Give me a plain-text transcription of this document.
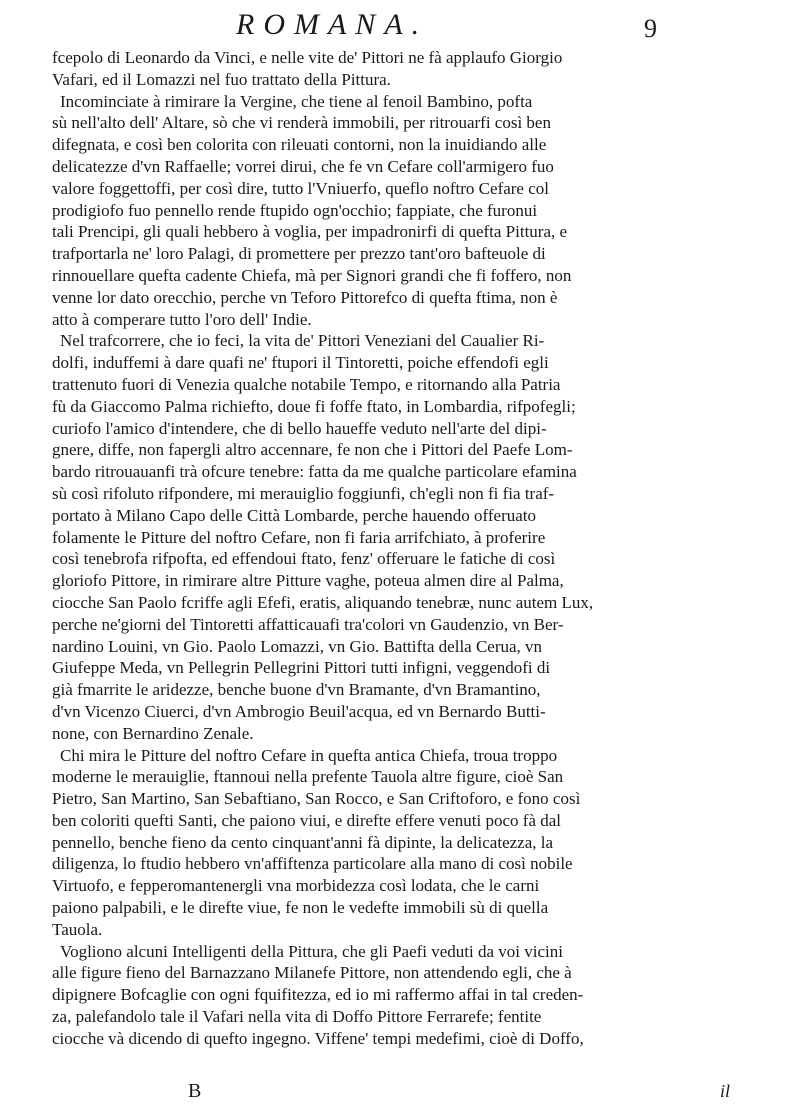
ROMANA.	9
fcepolo di Leonardo da Vinci, e nelle vite de' Pittori ne fà applaufo Giorgio
Vafari, ed il Lomazzi nel fuo trattato della Pittura.
Incominciate à rimirare la Vergine, che tiene al fenoil Bambino, pofta
sù nell'alto dell' Altare, sò che vi renderà immobili, per ritrouarfi così ben
difegnata, e così ben colorita con rileuati contorni, non la inuidiando alle
delicatezze d'vn Raffaelle; vorrei dirui, che fe vn Cefare coll'armigero fuo
valore foggettoffi, per così dire, tutto l'Vniuerfo, queflo noftro Cefare col
prodigiofo fuo pennello rende ftupido ogn'occhio; fappiate, che furonui
tali Prencipi, gli quali hebbero à voglia, per impadronirfi di quefta Pittura, e
trafportarla ne' loro Palagi, di promettere per prezzo tant'oro bafteuole di
rinnouellare quefta cadente Chiefa, mà per Signori grandi che fi foffero, non
venne lor dato orecchio, perche vn Teforo Pittorefco di quefta ftima, non è
atto à comperare tutto l'oro dell' Indie.
Nel trafcorrere, che io feci, la vita de' Pittori Veneziani del Caualier Ri-
dolfi, induffemi à dare quafi ne' ftupori il Tintoretti, poiche effendofi egli
trattenuto fuori di Venezia qualche notabile Tempo, e ritornando alla Patria
fù da Giaccomo Palma richiefto, doue fi foffe ftato, in Lombardia, rifpofegli;
curiofo l'amico d'intendere, che di bello haueffe veduto nell'arte del dipi-
gnere, diffe, non fapergli altro accennare, fe non che i Pittori del Paefe Lom-
bardo ritrouauanfi trà ofcure tenebre: fatta da me qualche particolare efamina
sù così rifoluto rifpondere, mi merauiglio foggiunfi, ch'egli non fi fia traf-
portato à Milano Capo delle Città Lombarde, perche hauendo offeruato
folamente le Pitture del noftro Cefare, non fi faria arrifchiato, à proferire
così tenebrofa rifpofta, ed effendoui ftato, fenz' offeruare le fatiche di così
gloriofo Pittore, in rimirare altre Pitture vaghe, poteua almen dire al Palma,
ciocche San Paolo fcriffe agli Efefi, eratis, aliquando tenebræ, nunc autem Lux,
perche ne'giorni del Tintoretti affatticauafi tra'colori vn Gaudenzio, vn Ber-
nardino Louini, vn Gio. Paolo Lomazzi, vn Gio. Battifta della Cerua, vn
Giufeppe Meda, vn Pellegrin Pellegrini Pittori tutti infigni, veggendofi di
già fmarrite le aridezze, benche buone d'vn Bramante, d'vn Bramantino,
d'vn Vicenzo Ciuerci, d'vn Ambrogio Beuil'acqua, ed vn Bernardo Butti-
none, con Bernardino Zenale.
Chi mira le Pitture del noftro Cefare in quefta antica Chiefa, troua troppo
moderne le merauiglie, ftannoui nella prefente Tauola altre figure, cioè San
Pietro, San Martino, San Sebaftiano, San Rocco, e San Criftoforo, e fono così
ben coloriti quefti Santi, che paiono viui, e direfte effere venuti poco fà dal
pennello, benche fieno da cento cinquant'anni fà dipinte, la delicatezza, la
diligenza, lo ftudio hebbero vn'affiftenza particolare alla mano di così nobile
Virtuofo, e fepperomantenergli vna morbidezza così lodata, che le carni
paiono palpabili, e le direfte viue, fe non le vedefte immobili sù di quella
Tauola.
Vogliono alcuni Intelligenti della Pittura, che gli Paefi veduti da voi vicini
alle figure fieno del Barnazzano Milanefe Pittore, non attendendo egli, che à
dipignere Bofcaglie con ogni fquifitezza, ed io mi raffermo affai in tal creden-
za, palefandolo tale il Vafari nella vita di Doffo Pittore Ferrarefe; fentite
ciocche và dicendo di quefto ingegno. Viffene' tempi medefimi, cioè di Doffo,
B	il
